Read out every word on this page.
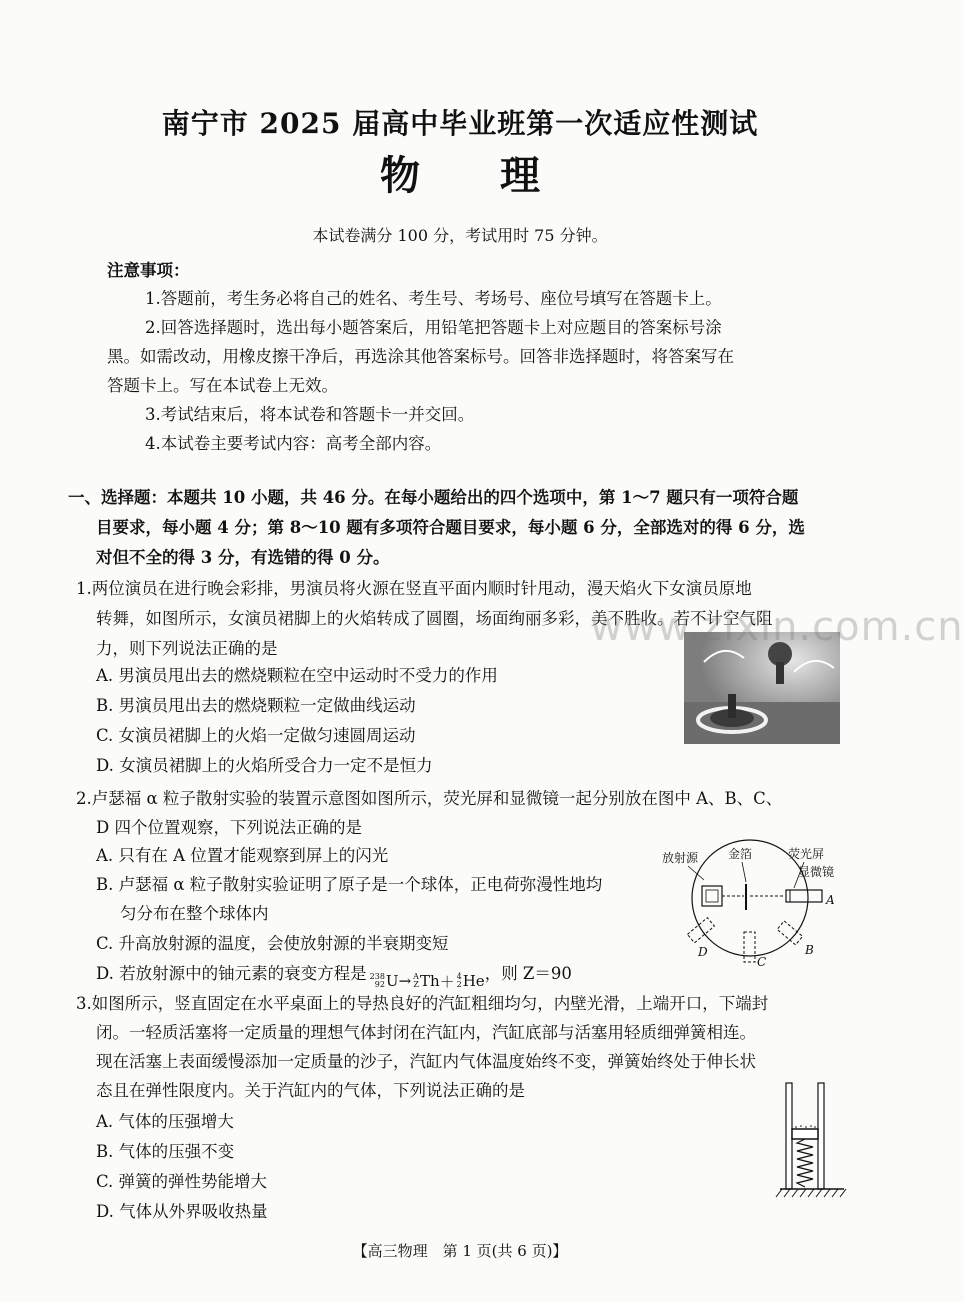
南宁市 2025 届高中毕业班第一次适应性测试
物理
本试卷满分 100 分，考试用时 75 分钟。
注意事项：
1.答题前，考生务必将自己的姓名、考生号、考场号、座位号填写在答题卡上。
2.回答选择题时，选出每小题答案后，用铅笔把答题卡上对应题目的答案标号涂
黑。如需改动，用橡皮擦干净后，再选涂其他答案标号。回答非选择题时，将答案写在
答题卡上。写在本试卷上无效。
3.考试结束后，将本试卷和答题卡一并交回。
4.本试卷主要考试内容：高考全部内容。
一、选择题：本题共 10 小题，共 46 分。在每小题给出的四个选项中，第 1～7 题只有一项符合题
目要求，每小题 4 分；第 8～10 题有多项符合题目要求，每小题 6 分，全部选对的得 6 分，选
对但不全的得 3 分，有选错的得 0 分。
1.两位演员在进行晚会彩排，男演员将火源在竖直平面内顺时针甩动，漫天焰火下女演员原地
转舞，如图所示，女演员裙脚上的火焰转成了圆圈，场面绚丽多彩，美不胜收。若不计空气阻
力，则下列说法正确的是
A. 男演员甩出去的燃烧颗粒在空中运动时不受力的作用
B. 男演员甩出去的燃烧颗粒一定做曲线运动
C. 女演员裙脚上的火焰一定做匀速圆周运动
D. 女演员裙脚上的火焰所受合力一定不是恒力
www.zixin.com.cn
2.卢瑟福 α 粒子散射实验的装置示意图如图所示，荧光屏和显微镜一起分别放在图中 A、B、C、
D 四个位置观察，下列说法正确的是
A. 只有在 A 位置才能观察到屏上的闪光
B. 卢瑟福 α 粒子散射实验证明了原子是一个球体，正电荷弥漫性地均
匀分布在整个球体内
C. 升高放射源的温度，会使放射源的半衰期变短
D. 若放射源中的铀元素的衰变方程是 238
92 U → A
Z Th ＋ 4
2 He ，则 Z＝90
放射源 金箔	荧光屏
显微镜
A
B
C
D
3.如图所示，竖直固定在水平桌面上的导热良好的汽缸粗细均匀，内壁光滑，上端开口，下端封
闭。一轻质活塞将一定质量的理想气体封闭在汽缸内，汽缸底部与活塞用轻质细弹簧相连。
现在活塞上表面缓慢添加一定质量的沙子，汽缸内气体温度始终不变，弹簧始终处于伸长状
态且在弹性限度内。关于汽缸内的气体，下列说法正确的是
A. 气体的压强增大
B. 气体的压强不变
C. 弹簧的弹性势能增大
D. 气体从外界吸收热量
【高三物理　第 1 页(共 6 页)】
